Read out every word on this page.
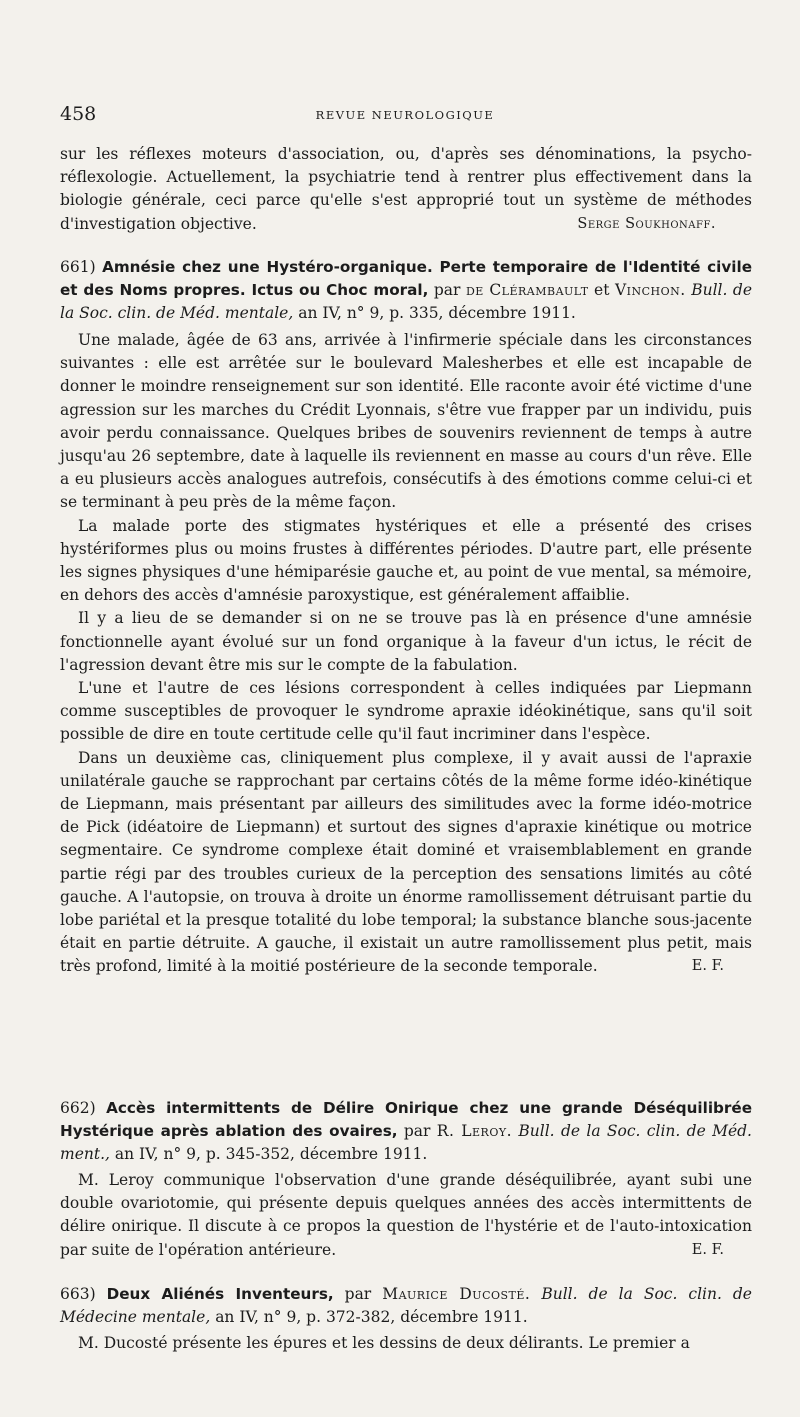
458	REVUE NEUROLOGIQUE

sur les réflexes moteurs d'association, ou, d'après ses dénominations, la psycho-réflexologie. Actuellement, la psychiatrie tend à rentrer plus effectivement dans la biologie générale, ceci parce qu'elle s'est approprié tout un système de méthodes d'investigation objective.	Serge Soukhonaff.

661) Amnésie chez une Hystéro-organique. Perte temporaire de l'Identité civile et des Noms propres. Ictus ou Choc moral, par de Clérambault et Vinchon. Bull. de la Soc. clin. de Méd. mentale, an IV, n° 9, p. 335, décembre 1911.

Une malade, âgée de 63 ans, arrivée à l'infirmerie spéciale dans les circonstances suivantes : elle est arrêtée sur le boulevard Malesherbes et elle est incapable de donner le moindre renseignement sur son identité. Elle raconte avoir été victime d'une agression sur les marches du Crédit Lyonnais, s'être vue frapper par un individu, puis avoir perdu connaissance. Quelques bribes de souvenirs reviennent de temps à autre jusqu'au 26 septembre, date à laquelle ils reviennent en masse au cours d'un rêve. Elle a eu plusieurs accès analogues autrefois, consécutifs à des émotions comme celui-ci et se terminant à peu près de la même façon.

La malade porte des stigmates hystériques et elle a présenté des crises hystériformes plus ou moins frustes à différentes périodes. D'autre part, elle présente les signes physiques d'une hémiparésie gauche et, au point de vue mental, sa mémoire, en dehors des accès d'amnésie paroxystique, est généralement affaiblie.

Il y a lieu de se demander si on ne se trouve pas là en présence d'une amnésie fonctionnelle ayant évolué sur un fond organique à la faveur d'un ictus, le récit de l'agression devant être mis sur le compte de la fabulation.

L'une et l'autre de ces lésions correspondent à celles indiquées par Liepmann comme susceptibles de provoquer le syndrome apraxie idéokinétique, sans qu'il soit possible de dire en toute certitude celle qu'il faut incriminer dans l'espèce.

Dans un deuxième cas, cliniquement plus complexe, il y avait aussi de l'apraxie unilatérale gauche se rapprochant par certains côtés de la même forme idéo-kinétique de Liepmann, mais présentant par ailleurs des similitudes avec la forme idéo-motrice de Pick (idéatoire de Liepmann) et surtout des signes d'apraxie kinétique ou motrice segmentaire. Ce syndrome complexe était dominé et vraisemblablement en grande partie régi par des troubles curieux de la perception des sensations limités au côté gauche. A l'autopsie, on trouva à droite un énorme ramollissement détruisant partie du lobe pariétal et la presque totalité du lobe temporal; la substance blanche sous-jacente était en partie détruite. A gauche, il existait un autre ramollissement plus petit, mais très profond, limité à la moitié postérieure de la seconde temporale.	E. F.

662) Accès intermittents de Délire Onirique chez une grande Déséquilibrée Hystérique après ablation des ovaires, par R. Leroy. Bull. de la Soc. clin. de Méd. ment., an IV, n° 9, p. 345-352, décembre 1911.

M. Leroy communique l'observation d'une grande déséquilibrée, ayant subi une double ovariotomie, qui présente depuis quelques années des accès intermittents de délire onirique. Il discute à ce propos la question de l'hystérie et de l'auto-intoxication par suite de l'opération antérieure.	E. F.

663) Deux Aliénés Inventeurs, par Maurice Ducosté. Bull. de la Soc. clin. de Médecine mentale, an IV, n° 9, p. 372-382, décembre 1911.

M. Ducosté présente les épures et les dessins de deux délirants. Le premier a
